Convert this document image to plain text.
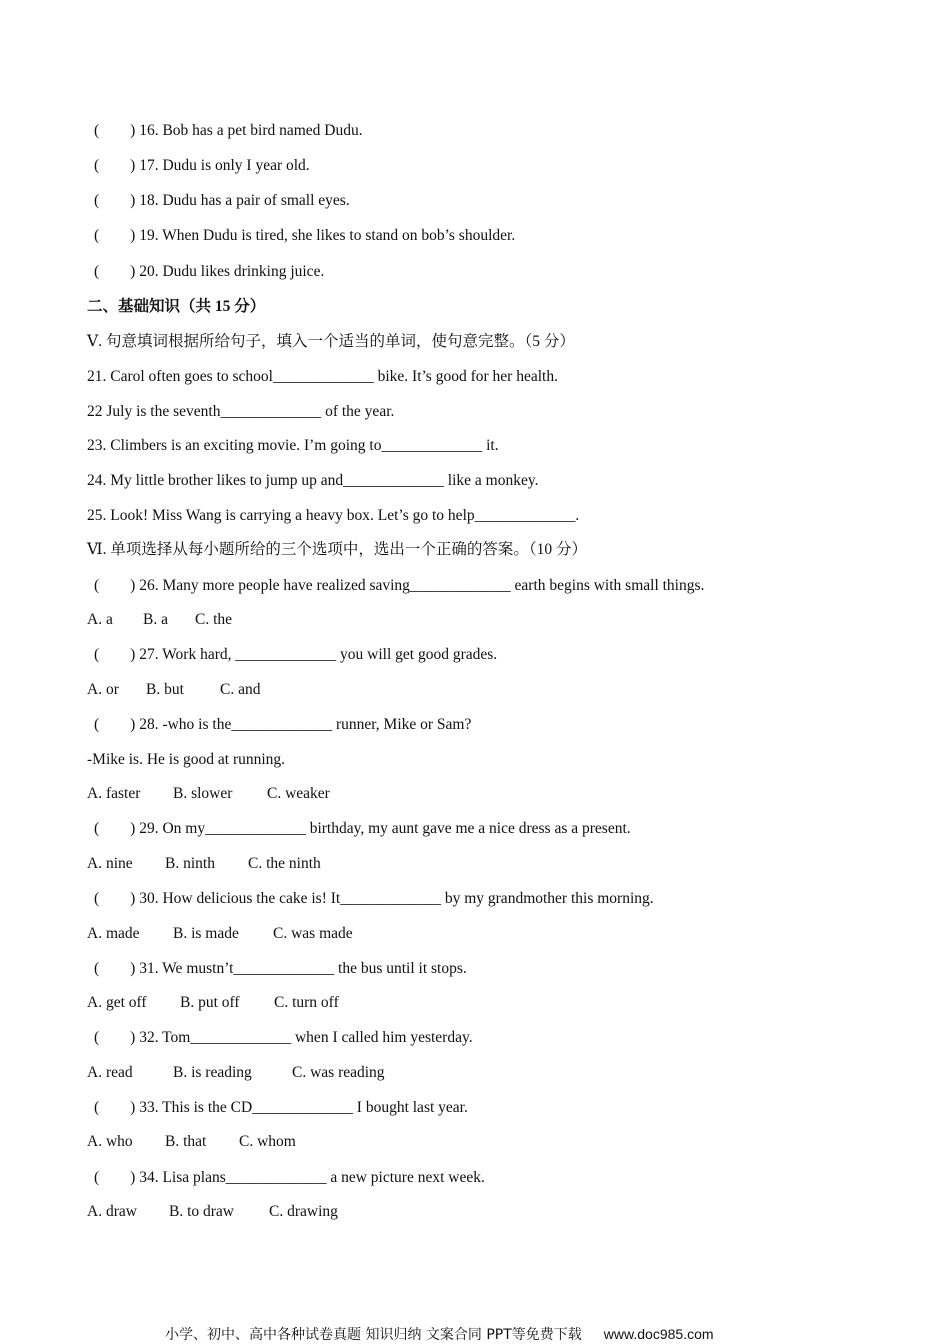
(　　) 16. Bob has a pet bird named Dudu.
(　　) 17. Dudu is only I year old.
(　　) 18. Dudu has a pair of small eyes.
(　　) 19. When Dudu is tired, she likes to stand on bob’s shoulder.
(　　) 20. Dudu likes drinking juice.
二、基础知识（共 15 分）
Ⅴ. 句意填词根据所给句子，填入一个适当的单词，使句意完整。（5 分）
21. Carol often goes to school_____________ bike. It’s good for her health.
22 July is the seventh_____________ of the year.
23. Climbers is an exciting movie. I’m going to_____________ it.
24. My little brother likes to jump up and_____________ like a monkey.
25. Look! Miss Wang is carrying a heavy box. Let’s go to help_____________.
Ⅵ. 单项选择从每小题所给的三个选项中，选出一个正确的答案。（10 分）
(　　) 26. Many more people have realized saving_____________ earth begins with small things.
A. a B. a C. the
(　　) 27. Work hard, _____________ you will get good grades.
A. or B. but C. and
(　　) 28. -who is the_____________ runner, Mike or Sam?
-Mike is. He is good at running.
A. faster B. slower C. weaker
(　　) 29. On my_____________ birthday, my aunt gave me a nice dress as a present.
A. nine B. ninth C. the ninth
(　　) 30. How delicious the cake is! It_____________ by my grandmother this morning.
A. made B. is made C. was made
(　　) 31. We mustn’t_____________ the bus until it stops.
A. get off B. put off C. turn off
(　　) 32. Tom_____________ when I called him yesterday.
A. read	B. is reading	C. was reading
(　　) 33. This is the CD_____________ I bought last year.
A. who B. that C. whom
(　　) 34. Lisa plans_____________ a new picture next week.
A. draw B. to draw C. drawing
小学、初中、高中各种试卷真题 知识归纳 文案合同 PPT等免费下载 www.doc985.com
